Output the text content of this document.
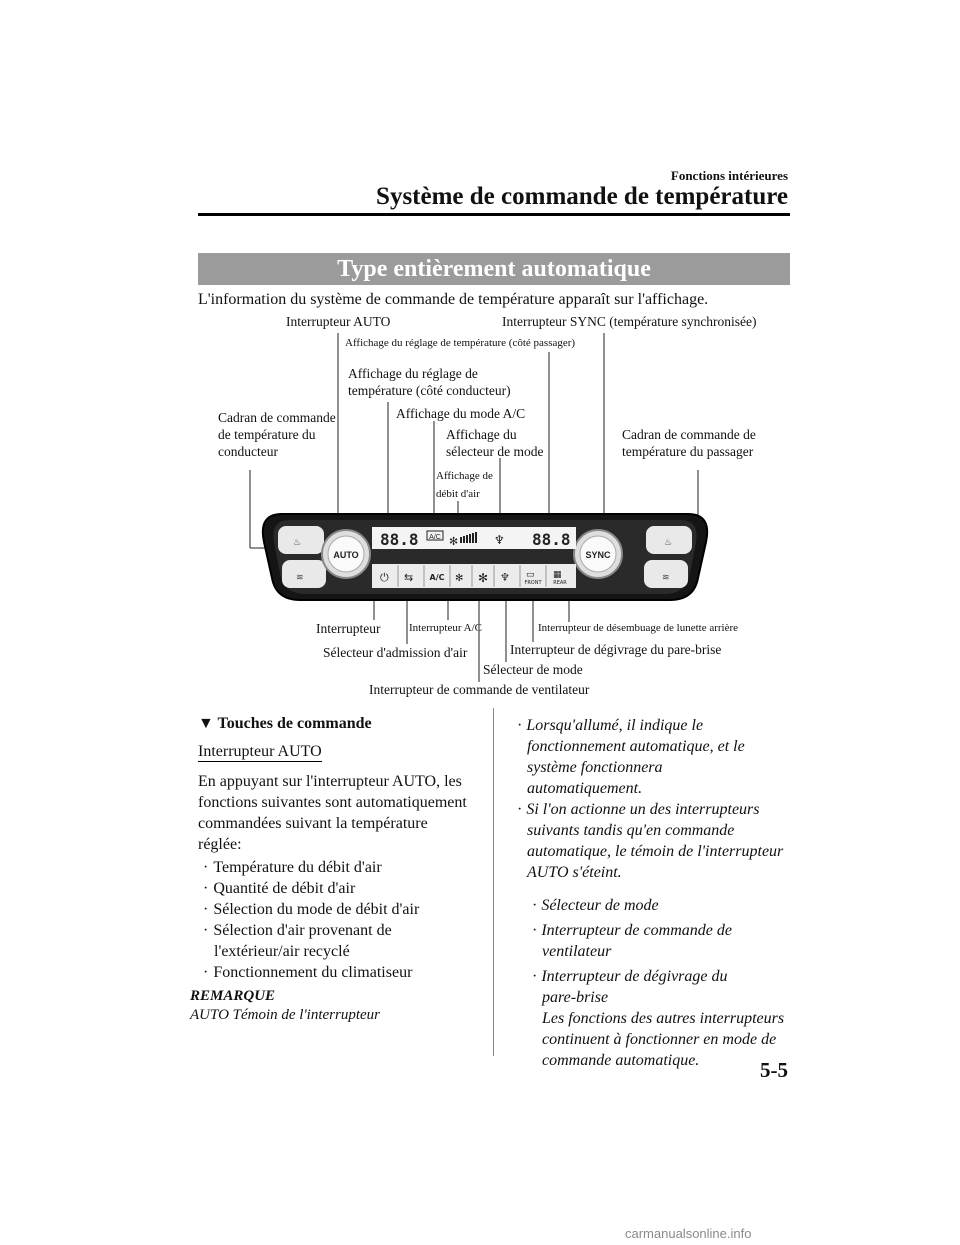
Fonctions intérieures
Système de commande de température
Type entièrement automatique
L'information du système de commande de température apparaît sur l'affichage.
Interrupteur AUTO	Interrupteur SYNC (température synchronisée)
Affichage du réglage de température (côté passager)
Affichage du réglage de
température (côté conducteur)
Affichage du mode A/C
Cadran de commande
de température du
conducteur
Affichage du
sélecteur de mode
Cadran de commande de
température du passager
Affichage de
débit d'air
Interrupteur	Interrupteur A/C	Interrupteur de désembuage de lunette arrière
Sélecteur d'admission d'air	Interrupteur de dégivrage du pare-brise
Sélecteur de mode
Interrupteur de commande de ventilateur
♨
≋
♨
≋
AUTO	SYNC
88.8	88.8
A/C ✻	♆
⏻ ⇆ A/C ✻ ✻ ♆	FRONT
▭
REAR
▦
▼ Touches de commande
Interrupteur AUTO
En appuyant sur l'interrupteur AUTO, les fonctions suivantes sont automatiquement commandées suivant la température réglée:
· Température du débit d'air
· Quantité de débit d'air
· Sélection du mode de débit d'air
· Sélection d'air provenant de l'extérieur/air recyclé
· Fonctionnement du climatiseur
REMARQUE
AUTO Témoin de l'interrupteur
· Lorsqu'allumé, il indique le fonctionnement automatique, et le système fonctionnera automatiquement.
· Si l'on actionne un des interrupteurs suivants tandis qu'en commande automatique, le témoin de l'interrupteur AUTO s'éteint.
· Sélecteur de mode
· Interrupteur de commande de ventilateur
· Interrupteur de dégivrage du pare-brise
Les fonctions des autres interrupteurs continuent à fonctionner en mode de commande automatique.	5-5
carmanualsonline.info
